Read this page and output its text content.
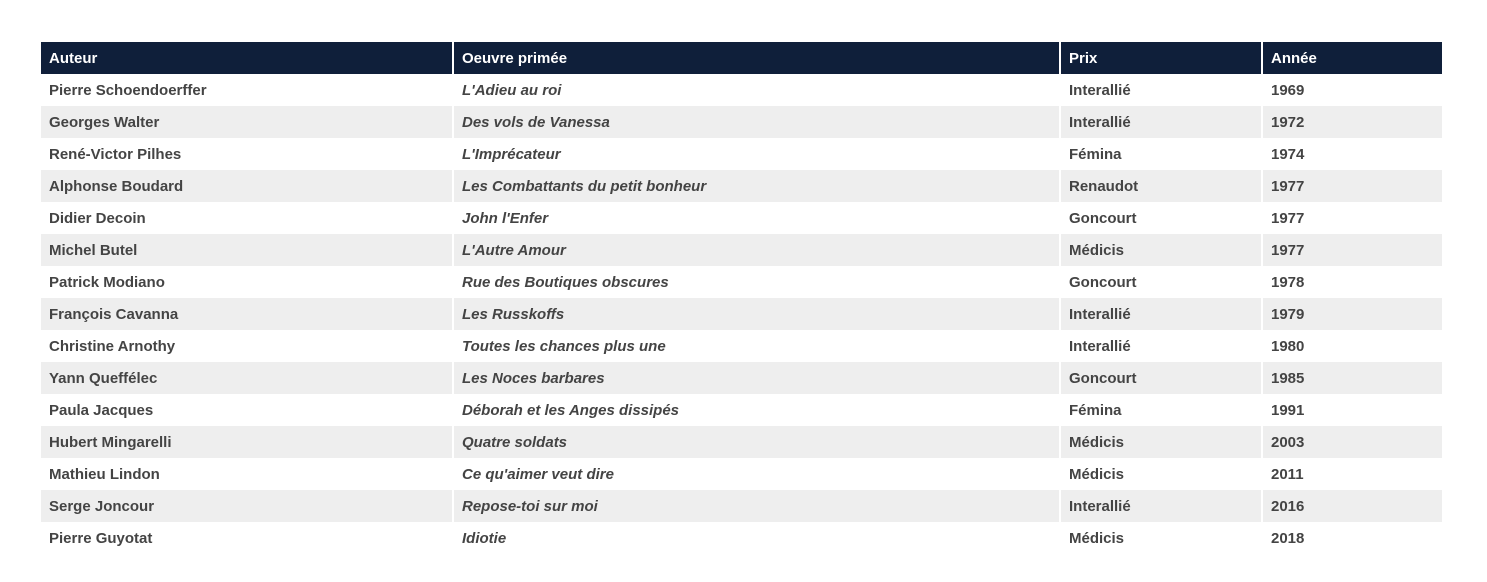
Auteur	Oeuvre primée	Prix	Année
Pierre Schoendoerffer	L'Adieu au roi	Interallié	1969
Georges Walter	Des vols de Vanessa	Interallié	1972
René-Victor Pilhes	L'Imprécateur	Fémina	1974
Alphonse Boudard	Les Combattants du petit bonheur	Renaudot	1977
Didier Decoin	John l'Enfer	Goncourt	1977
Michel Butel	L'Autre Amour	Médicis	1977
Patrick Modiano	Rue des Boutiques obscures	Goncourt	1978
François Cavanna	Les Russkoffs	Interallié	1979
Christine Arnothy	Toutes les chances plus une	Interallié	1980
Yann Queffélec	Les Noces barbares	Goncourt	1985
Paula Jacques	Déborah et les Anges dissipés	Fémina	1991
Hubert Mingarelli	Quatre soldats	Médicis	2003
Mathieu Lindon	Ce qu'aimer veut dire	Médicis	2011
Serge Joncour	Repose-toi sur moi	Interallié	2016
Pierre Guyotat	Idiotie	Médicis	2018
